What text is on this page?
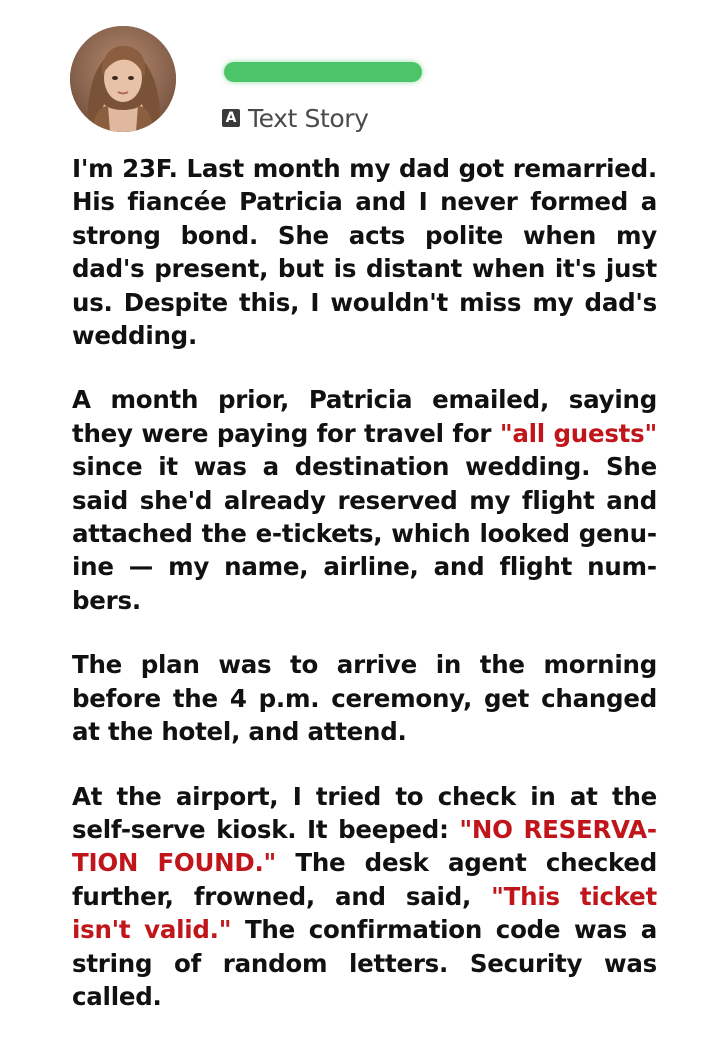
A Text Story

I'm 23F. Last month my dad got remarried. His fiancée Patricia and I never formed a strong bond. She acts polite when my dad's present, but is distant when it's just us. Despite this, I wouldn't miss my dad's wedding.

A month prior, Patricia emailed, saying they were paying for travel for "all guests" since it was a destination wedding. She said she'd already reserved my flight and attached the e-tickets, which looked genuine — my name, airline, and flight numbers.

The plan was to arrive in the morning before the 4 p.m. ceremony, get changed at the hotel, and attend.

At the airport, I tried to check in at the self-serve kiosk. It beeped: "NO RESERVATION FOUND." The desk agent checked further, frowned, and said, "This ticket isn't valid." The confirmation code was a string of random letters. Security was called.
